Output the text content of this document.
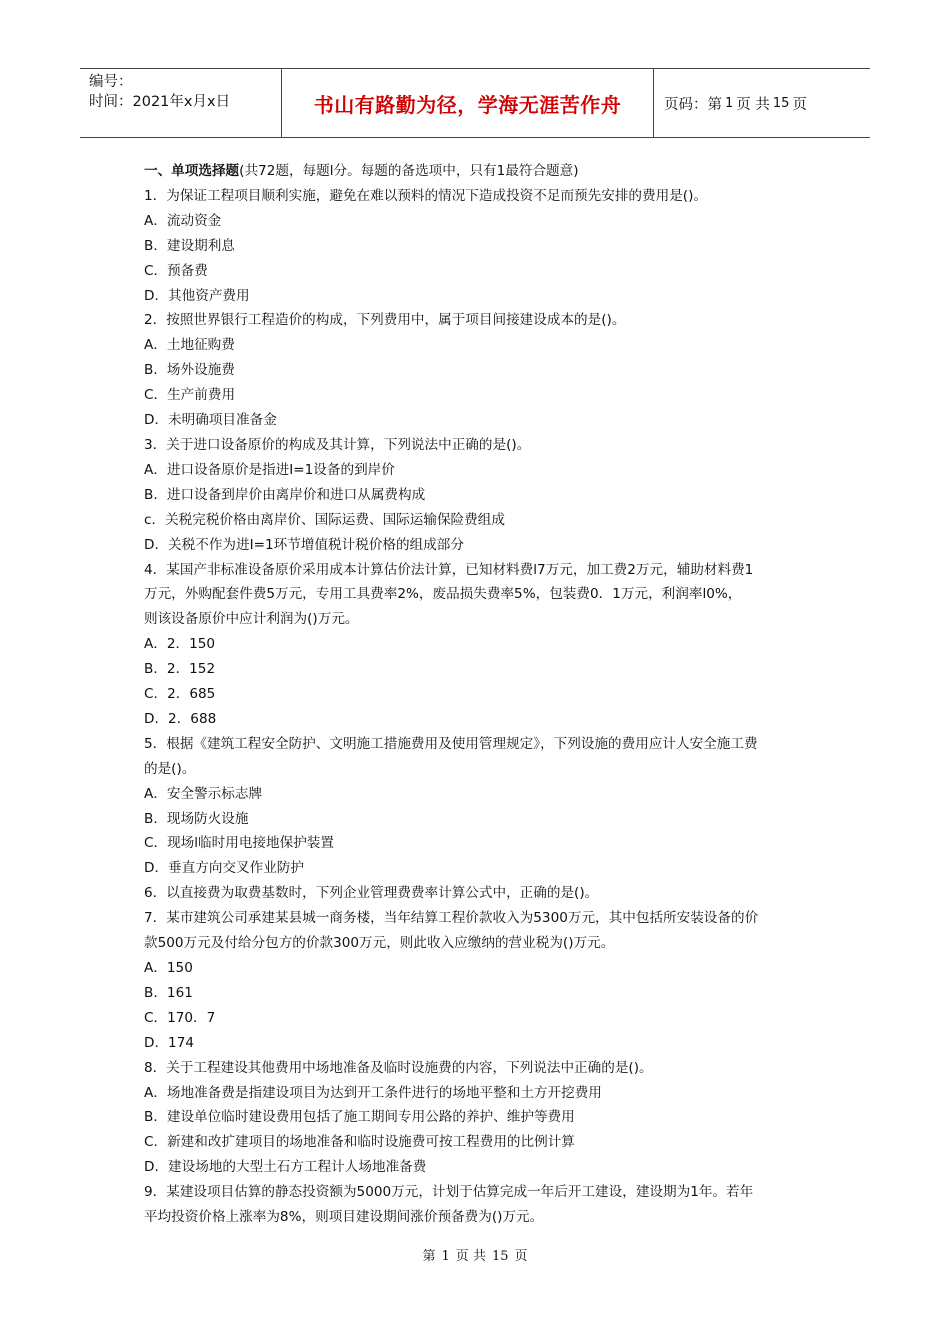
编号：
时间：2021年x月x日	书山有路勤为径，学海无涯苦作舟	页码：第 1 页 共 15 页
一、单项选择题(共72题，每题l分。每题的备选项中，只有1最符合题意)
1．为保证工程项目顺利实施，避免在难以预料的情况下造成投资不足而预先安排的费用是()。
A．流动资金
B．建设期利息
C．预备费
D．其他资产费用
2．按照世界银行工程造价的构成，下列费用中，属于项目间接建设成本的是()。
A．土地征购费
B．场外设施费
C．生产前费用
D．未明确项目准备金
3．关于进口设备原价的构成及其计算，下列说法中正确的是()。
A．进口设备原价是指进I=1设备的到岸价
B．进口设备到岸价由离岸价和进口从属费构成
c．关税完税价格由离岸价、国际运费、国际运输保险费组成
D．关税不作为进I=1环节增值税计税价格的组成部分
4．某国产非标准设备原价采用成本计算估价法计算，已知材料费l7万元，加工费2万元，辅助材料费1
万元，外购配套件费5万元，专用工具费率2%，废品损失费率5%，包装费0．1万元，利润率l0%，
则该设备原价中应计利润为()万元。
A．2．150
B．2．152
C．2．685
D．2．688
5．根据《建筑工程安全防护、文明施工措施费用及使用管理规定》，下列设施的费用应计人安全施工费
的是()。
A．安全警示标志牌
B．现场防火设施
C．现场l临时用电接地保护装置
D．垂直方向交叉作业防护
6．以直接费为取费基数时，下列企业管理费费率计算公式中，正确的是()。
7．某市建筑公司承建某县城一商务楼，当年结算工程价款收入为5300万元，其中包括所安装设备的价
款500万元及付给分包方的价款300万元，则此收入应缴纳的营业税为()万元。
A．150
B．161
C．170．7
D．174
8．关于工程建设其他费用中场地准备及临时设施费的内容，下列说法中正确的是()。
A．场地准备费是指建设项目为达到开工条件进行的场地平整和土方开挖费用
B．建设单位临时建设费用包括了施工期间专用公路的养护、维护等费用
C．新建和改扩建项目的场地准备和临时设施费可按工程费用的比例计算
D．建设场地的大型土石方工程计人场地准备费
9．某建设项目估算的静态投资额为5000万元，计划于估算完成一年后开工建设，建设期为1年。若年
平均投资价格上涨率为8%，则项目建设期间涨价预备费为()万元。
第 1 页 共 15 页
